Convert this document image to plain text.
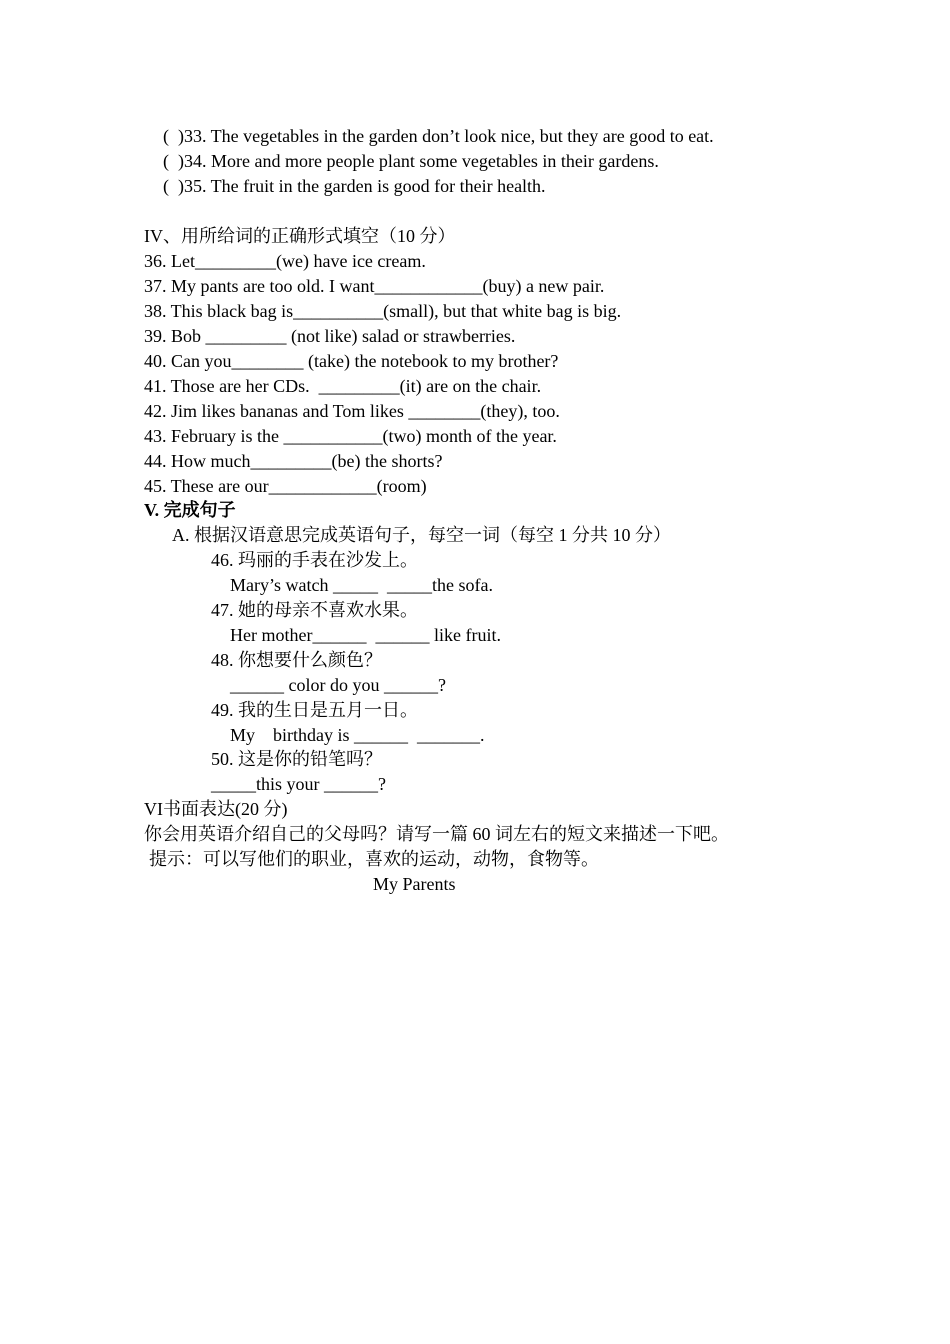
(  )33. The vegetables in the garden don’t look nice, but they are good to eat.
(  )34. More and more people plant some vegetables in their gardens.
(  )35. The fruit in the garden is good for their health.
IV、用所给词的正确形式填空（10 分）
36. Let_________(we) have ice cream.
37. My pants are too old. I want____________(buy) a new pair.
38. This black bag is__________(small), but that white bag is big.
39. Bob _________ (not like) salad or strawberries.
40. Can you________ (take) the notebook to my brother?
41. Those are her CDs.  _________(it) are on the chair.
42. Jim likes bananas and Tom likes ________(they), too.
43. February is the ___________(two) month of the year.
44. How much_________(be) the shorts?
45. These are our____________(room)
V. 完成句子
A. 根据汉语意思完成英语句子，每空一词（每空 1 分共 10 分）
46. 玛丽的手表在沙发上。
Mary’s watch _____  _____the sofa.
47. 她的母亲不喜欢水果。
Her mother______  ______ like fruit.
48. 你想要什么颜色？
______ color do you ______?
49. 我的生日是五月一日。
My    birthday is ______  _______.
50. 这是你的铅笔吗？
_____this your ______?
VI书面表达(20 分)
你会用英语介绍自己的父母吗？请写一篇 60 词左右的短文来描述一下吧。
提示：可以写他们的职业，喜欢的运动，动物，食物等。
My Parents
